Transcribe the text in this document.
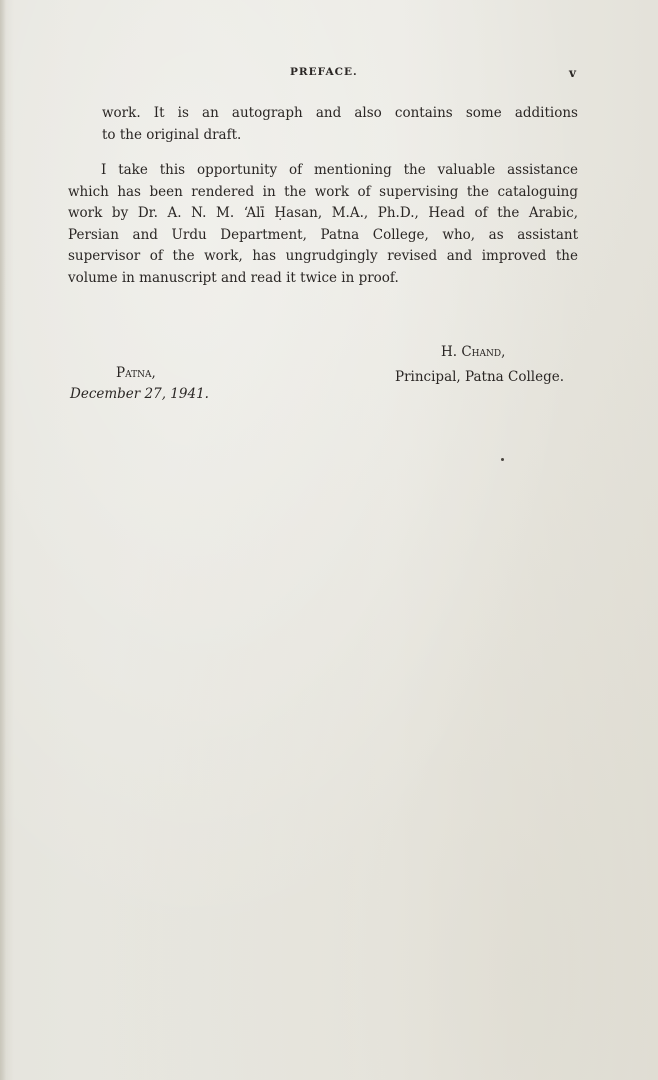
PREFACE.	v
work. It is an autograph and also contains some additions
to the original draft.
I take this opportunity of mentioning the valuable assistance
which has been rendered in the work of supervising the cataloguing
work by Dr. A. N. M. ‘Alī Ḥasan, M.A., Ph.D., Head of the Arabic,
Persian and Urdu Department, Patna College, who, as assistant
supervisor of the work, has ungrudgingly revised and improved the
volume in manuscript and read it twice in proof.
Patna,
December 27, 1941.
H. Chand,
Principal, Patna College.
